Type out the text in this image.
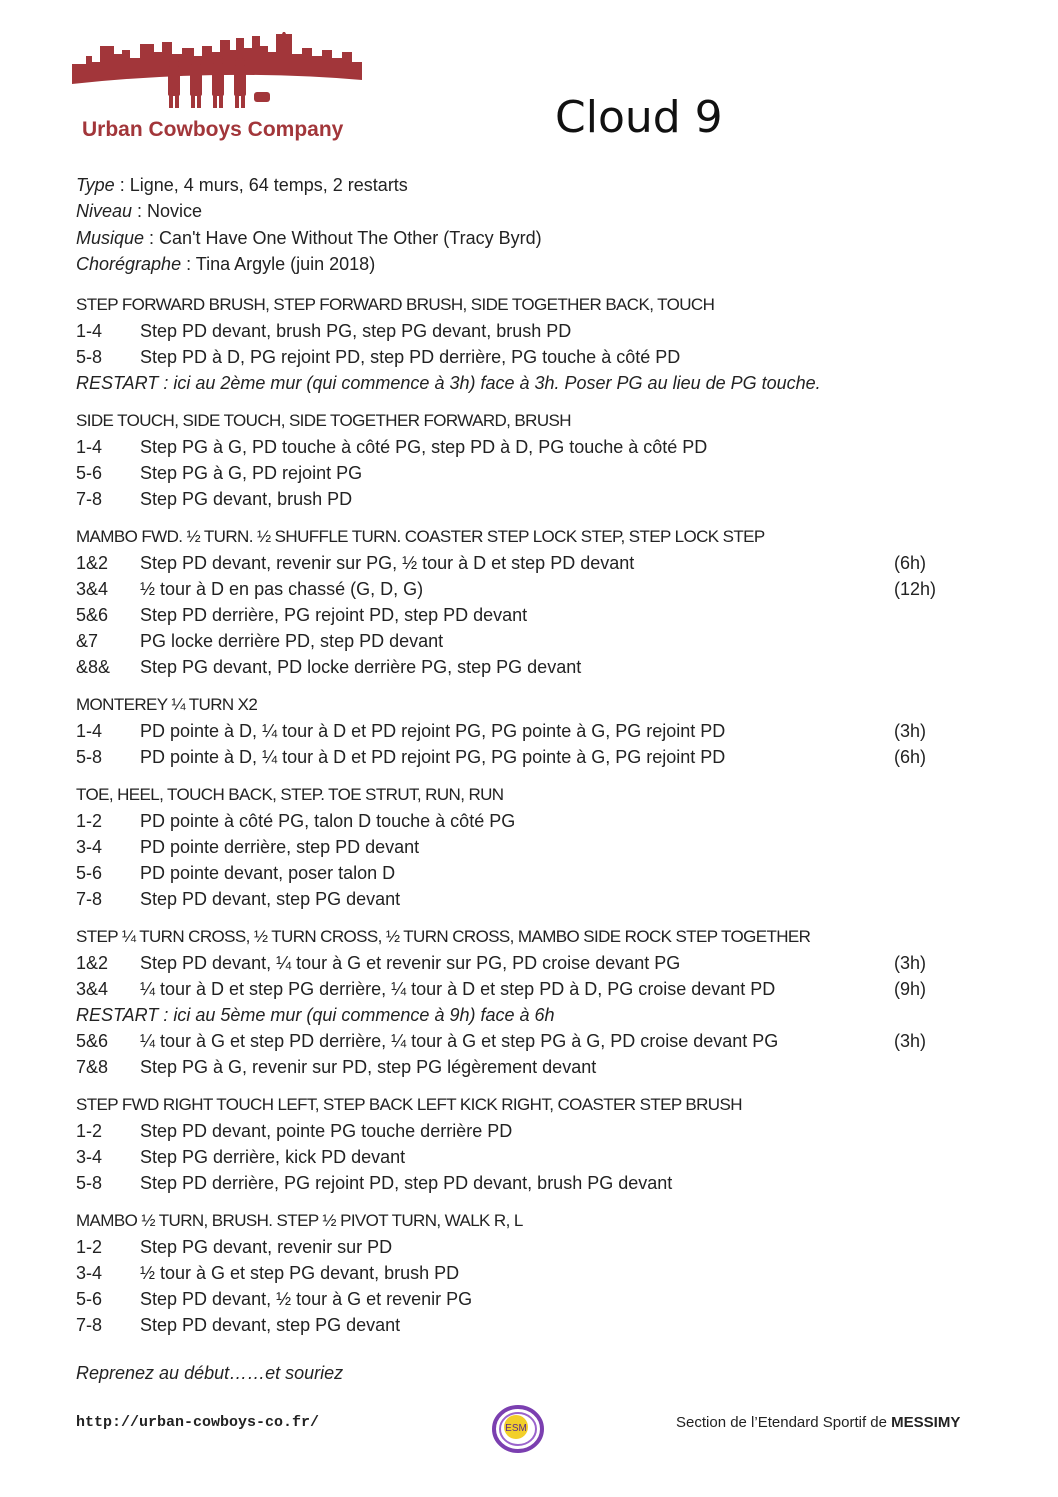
Urban Cowboys Company	Cloud 9
Type : Ligne, 4 murs, 64 temps, 2 restarts
Niveau : Novice
Musique : Can't Have One Without The Other (Tracy Byrd)
Chorégraphe : Tina Argyle (juin 2018)
STEP FORWARD BRUSH, STEP FORWARD BRUSH, SIDE TOGETHER BACK, TOUCH
1-4 Step PD devant, brush PG, step PG devant, brush PD
5-8 Step PD à D, PG rejoint PD, step PD derrière, PG touche à côté PD
RESTART : ici au 2ème mur (qui commence à 3h) face à 3h. Poser PG au lieu de PG touche.
SIDE TOUCH, SIDE TOUCH, SIDE TOGETHER FORWARD, BRUSH
1-4 Step PG à G, PD touche à côté PG, step PD à D, PG touche à côté PD
5-6 Step PG à G, PD rejoint PG
7-8 Step PG devant, brush PD
MAMBO FWD. ½ TURN. ½ SHUFFLE TURN. COASTER STEP LOCK STEP, STEP LOCK STEP
1&2 Step PD devant, revenir sur PG, ½ tour à D et step PD devant	(6h)
3&4 ½ tour à D en pas chassé (G, D, G)	(12h)
5&6 Step PD derrière, PG rejoint PD, step PD devant
&7 PG locke derrière PD, step PD devant
&8& Step PG devant, PD locke derrière PG, step PG devant
MONTEREY ¼ TURN X2
1-4 PD pointe à D, ¼ tour à D et PD rejoint PG, PG pointe à G, PG rejoint PD	(3h)
5-8 PD pointe à D, ¼ tour à D et PD rejoint PG, PG pointe à G, PG rejoint PD	(6h)
TOE, HEEL, TOUCH BACK, STEP. TOE STRUT, RUN, RUN
1-2 PD pointe à côté PG, talon D touche à côté PG
3-4 PD pointe derrière, step PD devant
5-6 PD pointe devant, poser talon D
7-8 Step PD devant, step PG devant
STEP ¼ TURN CROSS, ½ TURN CROSS, ½ TURN CROSS, MAMBO SIDE ROCK STEP TOGETHER
1&2 Step PD devant, ¼ tour à G et revenir sur PG, PD croise devant PG	(3h)
3&4 ¼ tour à D et step PG derrière, ¼ tour à D et step PD à D, PG croise devant PD	(9h)
RESTART : ici au 5ème mur (qui commence à 9h) face à 6h
5&6 ¼ tour à G et step PD derrière, ¼ tour à G et step PG à G, PD croise devant PG	(3h)
7&8 Step PG à G, revenir sur PD, step PG légèrement devant
STEP FWD RIGHT TOUCH LEFT, STEP BACK LEFT KICK RIGHT, COASTER STEP BRUSH
1-2 Step PD devant, pointe PG touche derrière PD
3-4 Step PG derrière, kick PD devant
5-8 Step PD derrière, PG rejoint PD, step PD devant, brush PG devant
MAMBO ½ TURN, BRUSH. STEP ½ PIVOT TURN, WALK R, L
1-2 Step PG devant, revenir sur PD
3-4 ½ tour à G et step PG devant, brush PD
5-6 Step PD devant, ½ tour à G et revenir PG
7-8 Step PD devant, step PG devant
Reprenez au début……et souriez
http://urban-cowboys-co.fr/	ESM	Section de l’Etendard Sportif de MESSIMY
